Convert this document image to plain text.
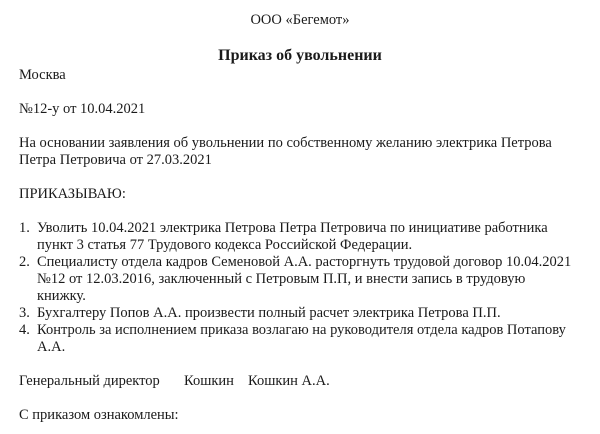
ООО «Бегемот»
Приказ об увольнении
Москва
№12-у от 10.04.2021
На основании заявления об увольнении по собственному желанию электрика Петрова
Петра Петровича от 27.03.2021
ПРИКАЗЫВАЮ:
1. Уволить 10.04.2021 электрика Петрова Петра Петровича по инициативе работника
пункт 3 статья 77 Трудового кодекса Российской Федерации.
2. Специалисту отдела кадров Семеновой А.А. расторгнуть трудовой договор 10.04.2021
№12 от 12.03.2016, заключенный с Петровым П.П, и внести запись в трудовую
книжку.
3. Бухгалтеру Попов А.А. произвести полный расчет электрика Петрова П.П.
4. Контроль за исполнением приказа возлагаю на руководителя отдела кадров Потапову
А.А.
Генеральный директор Кошкин Кошкин А.А.
С приказом ознакомлены:
